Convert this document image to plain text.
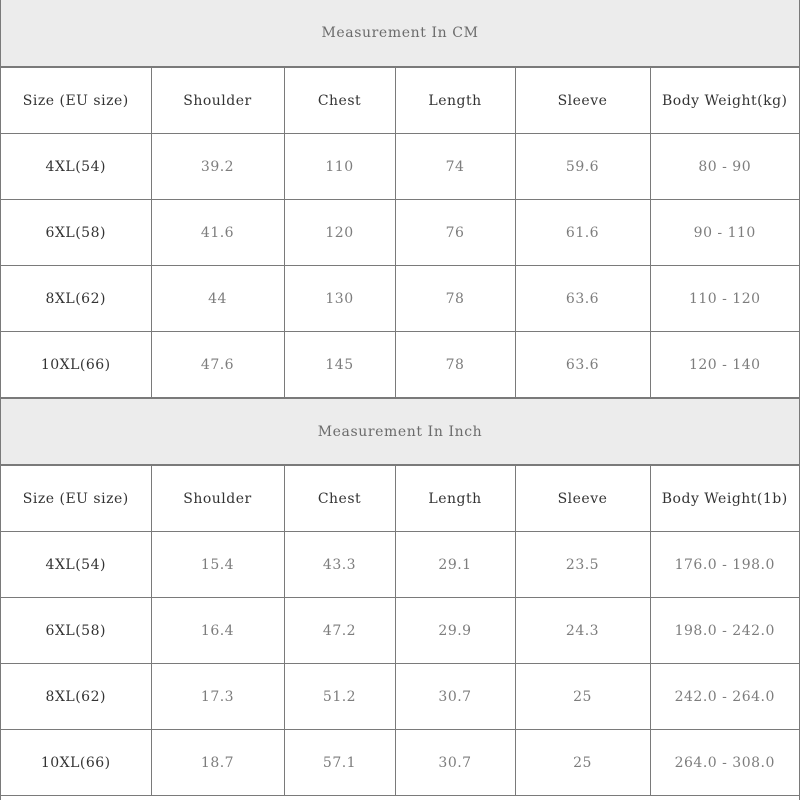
Measurement In CM
Size (EU size)	Shoulder	Chest	Length	Sleeve	Body Weight(kg)
4XL(54)	39.2	110	74	59.6	80 - 90
6XL(58)	41.6	120	76	61.6	90 - 110
8XL(62)	44	130	78	63.6	110 - 120
10XL(66)	47.6	145	78	63.6	120 - 140
Measurement In Inch
Size (EU size)	Shoulder	Chest	Length	Sleeve	Body Weight(1b)
4XL(54)	15.4	43.3	29.1	23.5	176.0 - 198.0
6XL(58)	16.4	47.2	29.9	24.3	198.0 - 242.0
8XL(62)	17.3	51.2	30.7	25	242.0 - 264.0
10XL(66)	18.7	57.1	30.7	25	264.0 - 308.0
